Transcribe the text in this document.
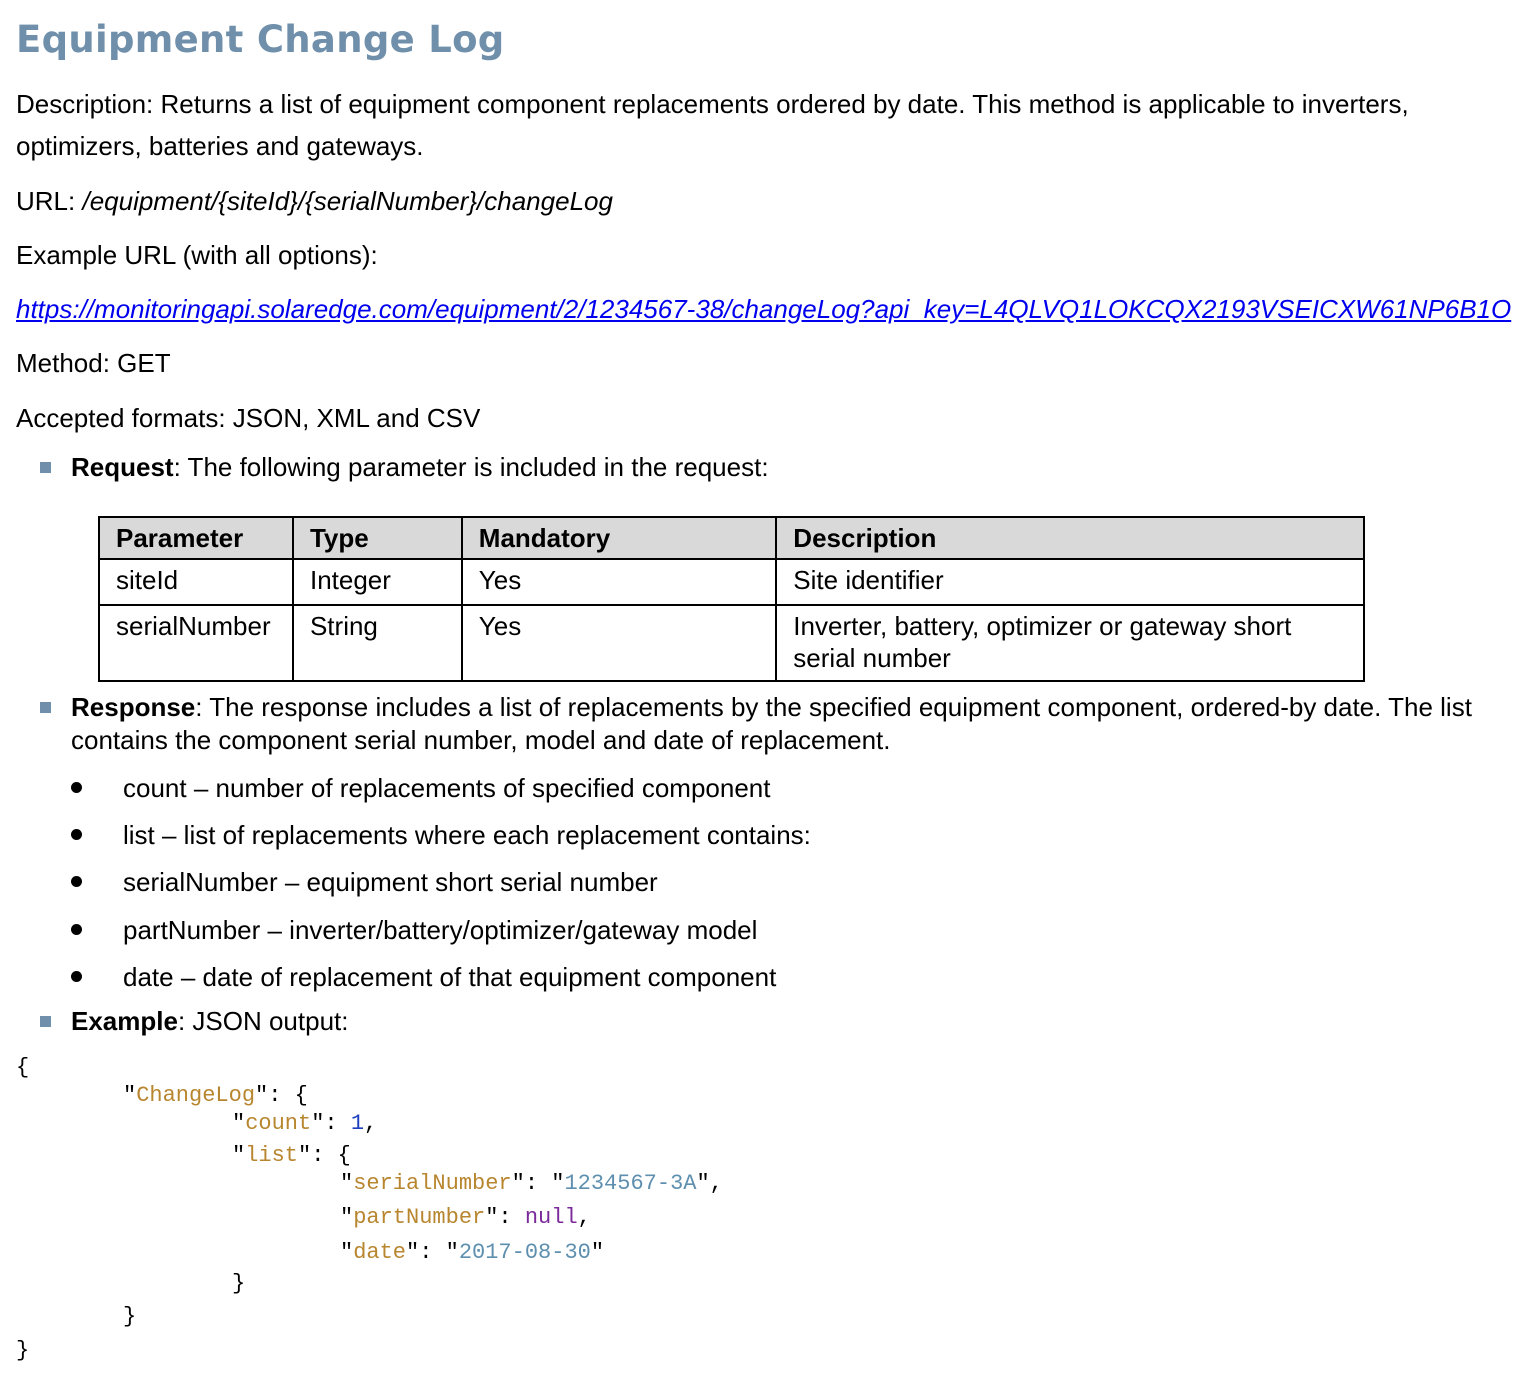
Equipment Change Log
Description: Returns a list of equipment component replacements ordered by date. This method is applicable to inverters,
optimizers, batteries and gateways.
URL: /equipment/{siteId}/{serialNumber}/changeLog
Example URL (with all options):
https://monitoringapi.solaredge.com/equipment/2/1234567-38/changeLog?api_key=L4QLVQ1LOKCQX2193VSEICXW61NP6B1O
Method: GET
Accepted formats: JSON, XML and CSV
Request: The following parameter is included in the request:
Parameter	Type	Mandatory	Description
siteId	Integer	Yes	Site identifier
serialNumber	String	Yes	Inverter, battery, optimizer or gateway short serial number
Response: The response includes a list of replacements by the specified equipment component, ordered-by date. The list
contains the component serial number, model and date of replacement.
count – number of replacements of specified component
list – list of replacements where each replacement contains:
serialNumber – equipment short serial number
partNumber – inverter/battery/optimizer/gateway model
date – date of replacement of that equipment component
Example: JSON output:
{
"ChangeLog": {
"count": 1,
"list": {
"serialNumber": "1234567-3A",
"partNumber": null,
"date": "2017-08-30"
}
}
}
